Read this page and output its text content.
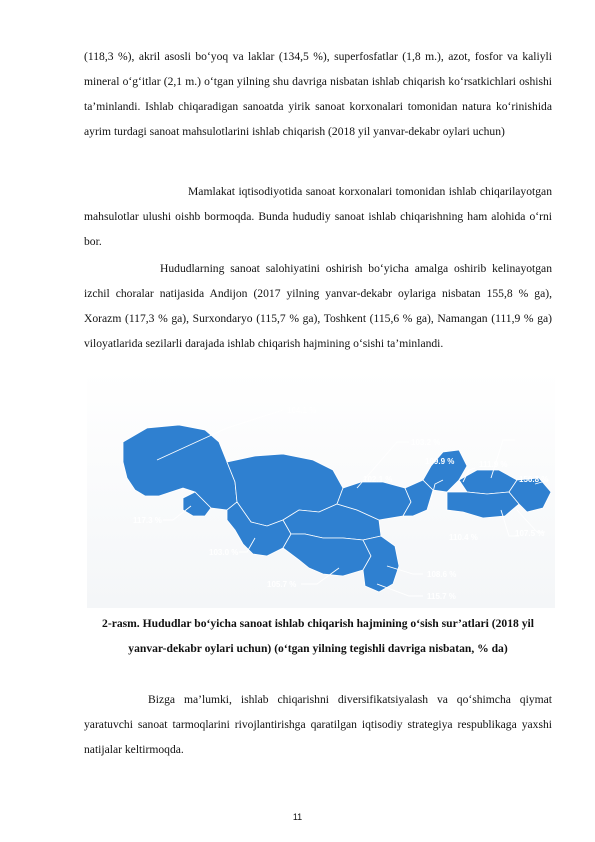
(118,3 %), akril asosli bo‘yoq va laklar (134,5 %), superfosfatlar (1,8 m.), azot, fosfor va kaliyli mineral o‘g‘itlar (2,1 m.) o‘tgan yilning shu davriga nisbatan ishlab chiqarish ko‘rsatkichlari oshishi ta’minlandi. Ishlab chiqaradigan sanoatda yirik sanoat korxonalari tomonidan natura ko‘rinishida ayrim turdagi sanoat mahsulotlarini ishlab chiqarish (2018 yil yanvar-dekabr oylari uchun)

Mamlakat iqtisodiyotida sanoat korxonalari tomonidan ishlab chiqarilayotgan mahsulotlar ulushi oishb bormoqda. Bunda hududiy sanoat ishlab chiqarishning ham alohida o‘rni bor.

Hududlarning sanoat salohiyatini oshirish bo‘yicha amalga oshirib kelinayotgan izchil choralar natijasida Andijon (2017 yilning yanvar-dekabr oylariga nisbatan 155,8 % ga), Xorazm (117,3 % ga), Surxondaryo (115,7 % ga), Toshkent (115,6 % ga), Namangan (111,9 % ga) viloyatlarida sezilarli darajada ishlab chiqarish hajmining o‘sishi ta’minlandi.

104.1 %
103.2 %
109.9 %	111.9 %
156.8 %
102.1 %
117.3 %
103.0 %
110.4 %	107.5 %
108.6 %
105.7 %
115.7 %

2-rasm. Hududlar bo‘yicha sanoat ishlab chiqarish hajmining o‘sish sur’atlari (2018 yil yanvar-dekabr oylari uchun) (o‘tgan yilning tegishli davriga nisbatan, % da)

Bizga ma’lumki, ishlab chiqarishni diversifikatsiyalash va qo‘shimcha qiymat yaratuvchi sanoat tarmoqlarini rivojlantirishga qaratilgan iqtisodiy strategiya respublikaga yaxshi natijalar keltirmoqda.

11
